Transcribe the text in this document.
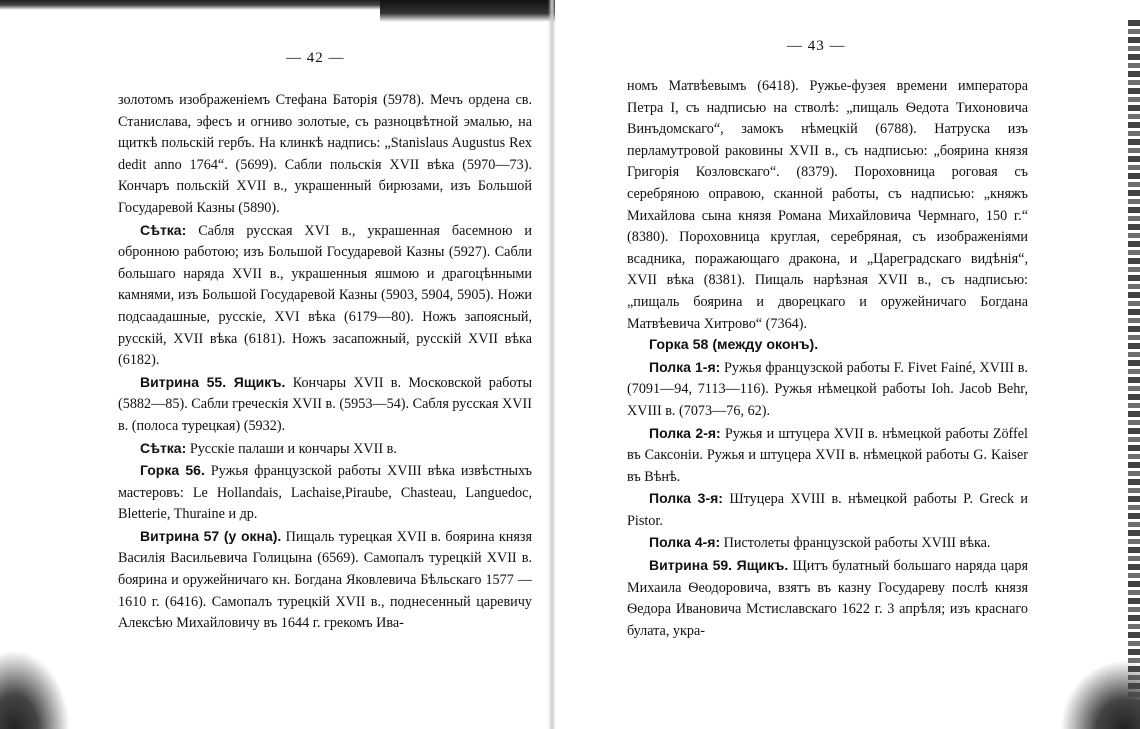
— 42 —

золотомъ изображеніемъ Стефана Баторія (5978). Мечъ ордена св. Станислава, эфесъ и огниво золотые, съ разноцвѣтной эмалью, на щиткѣ польскій гербъ. На клинкѣ надпись: „Stanislaus Augustus Rex dedit anno 1764“. (5699). Сабли польскія XVII вѣка (5970—73). Кончаръ польскій XVII в., украшенный бирюзами, изъ Большой Государевой Казны (5890).

Сѣтка: Сабля русская XVI в., украшенная басемною и обронною работою; изъ Большой Государевой Казны (5927). Сабли большаго наряда XVII в., украшенныя яшмою и драгоцѣнными камнями, изъ Большой Государевой Казны (5903, 5904, 5905). Ножи подсаадашные, русскіе, XVI вѣка (6179—80). Ножъ запоясный, русскій, XVII вѣка (6181). Ножъ засапожный, русскій XVII вѣка (6182).

Витрина 55. Ящикъ. Кончары XVII в. Московской работы (5882—85). Сабли греческія XVII в. (5953—54). Сабля русская XVII в. (полоса турецкая) (5932).

Сѣтка: Русскіе палаши и кончары XVII в.

Горка 56. Ружья французской работы XVIII вѣка извѣстныхъ мастеровъ: Le Hollandais, Lachaise,Piraube, Chasteau, Languedoc, Bletterie, Thuraine и др.

Витрина 57 (у окна). Пищаль турецкая XVII в. боярина князя Василія Васильевича Голицына (6569). Самопалъ турецкій XVII в. боярина и оружейничаго кн. Богдана Яковлевича Бѣльскаго 1577 — 1610 г. (6416). Самопалъ турецкій XVII в., поднесенный царевичу Алексѣю Михайловичу въ 1644 г. грекомъ Ива-

— 43 —

номъ Матвѣевымъ (6418). Ружье-фузея времени императора Петра I, съ надписью на стволѣ: „пищаль Ѳедота Тихоновича Винъдомскаго“, замокъ нѣмецкій (6788). Натруска изъ перламутровой раковины XVII в., съ надписью: „боярина князя Григорія Козловскаго“. (8379). Пороховница роговая съ серебряною оправою, сканной работы, съ надписью: „княжъ Михайлова сына князя Романа Михайловича Чермнаго, 150 г.“ (8380). Пороховница круглая, серебряная, съ изображеніями всадника, поражающаго дракона, и „Цареградскаго видѣнія“, XVII вѣка (8381). Пищаль нарѣзная XVII в., съ надписью: „пищаль боярина и дворецкаго и оружейничаго Богдана Матвѣевича Хитрово“ (7364).

Горка 58 (между оконъ).

Полка 1-я: Ружья французской работы F. Fivet Fainé, XVIII в. (7091—94, 7113—116). Ружья нѣмецкой работы Ioh. Jacob Behr, XVIII в. (7073—76, 62).

Полка 2-я: Ружья и штуцера XVII в. нѣмецкой работы Zöffel въ Саксоніи. Ружья и штуцера XVII в. нѣмецкой работы G. Kaiser въ Вѣнѣ.

Полка 3-я: Штуцера XVIII в. нѣмецкой работы P. Greck и Pistor.

Полка 4-я: Пистолеты французской работы XVIII вѣка.

Витрина 59. Ящикъ. Щитъ булатный большаго наряда царя Михаила Ѳеодоровича, взятъ въ казну Государеву послѣ князя Ѳедора Ивановича Мстиславскаго 1622 г. 3 апрѣля; изъ краснаго булата, укра-
